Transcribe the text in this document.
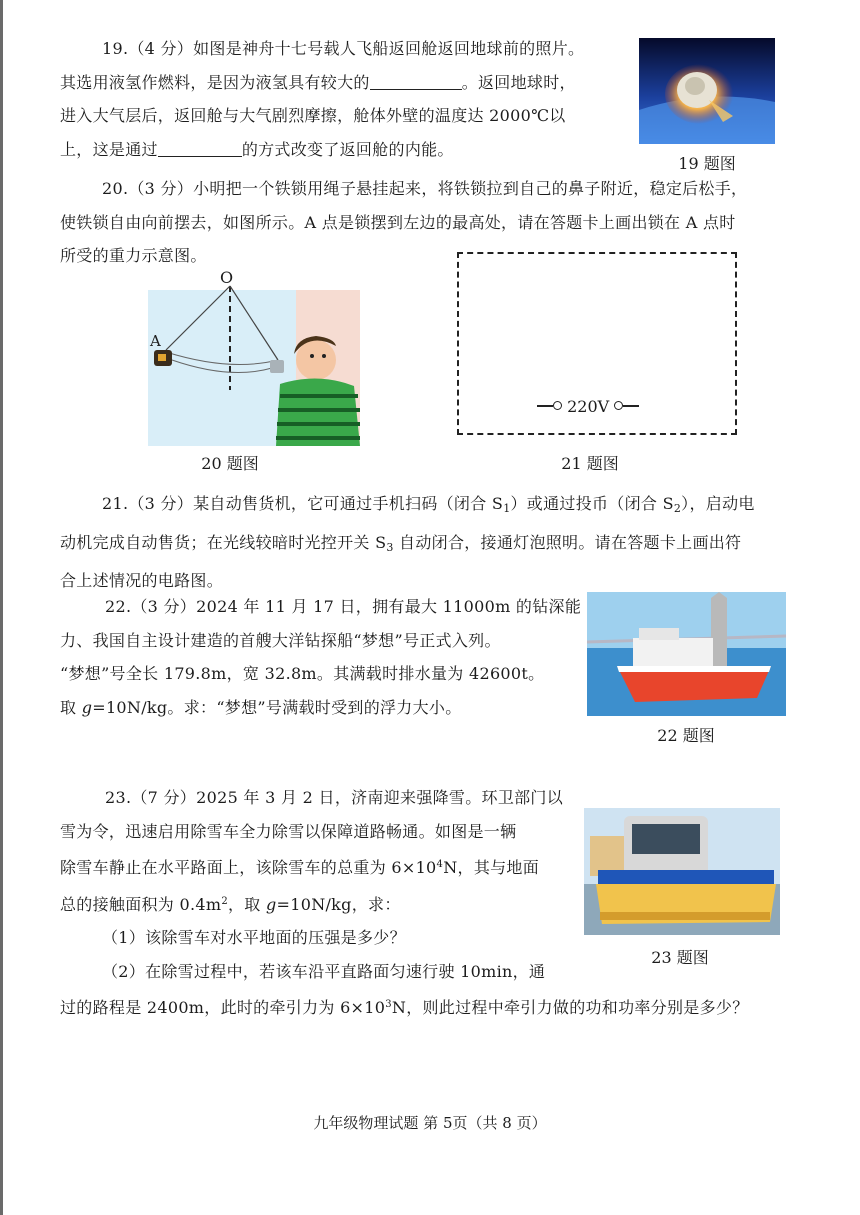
19.（4 分）如图是神舟十七号载人飞船返回舱返回地球前的照片。
其选用液氢作燃料，是因为液氢具有较大的	。返回地球时，
进入大气层后，返回舱与大气剧烈摩擦，舱体外壁的温度达 2000℃以
上，这是通过	的方式改变了返回舱的内能。
19 题图
20.（3 分）小明把一个铁锁用绳子悬挂起来，将铁锁拉到自己的鼻子附近，稳定后松手，
使铁锁自由向前摆去，如图所示。A 点是锁摆到左边的最高处，请在答题卡上画出锁在 A 点时
所受的重力示意图。
O
A
20 题图
220V
21 题图
21.（3 分）某自动售货机，它可通过手机扫码（闭合 $S_1$）或通过投币（闭合 $S_2$），启动电
动机完成自动售货；在光线较暗时光控开关 $S_3$ 自动闭合，接通灯泡照明。请在答题卡上画出符
合上述情况的电路图。
22.（3 分）2024 年 11 月 17 日，拥有最大 11000m 的钻深能
力、我国自主设计建造的首艘大洋钻探船“梦想”号正式入列。
“梦想”号全长 179.8m，宽 32.8m。其满载时排水量为 42600t。
取 g=10N/kg。求：“梦想”号满载时受到的浮力大小。
22 题图
23.（7 分）2025 年 3 月 2 日，济南迎来强降雪。环卫部门以
雪为令，迅速启用除雪车全力除雪以保障道路畅通。如图是一辆
除雪车静止在水平路面上，该除雪车的总重为 $6\times 10^4N$，其与地面
总的接触面积为 $0.4m^2$，取 g=10N/kg，求：
（1）该除雪车对水平地面的压强是多少？
（2）在除雪过程中，若该车沿平直路面匀速行驶 10min，通
过的路程是 2400m，此时的牵引力为 $6\times 10^3N$，则此过程中牵引力做的功和功率分别是多少？
23 题图
九年级物理试题 第 5页（共 8 页）
